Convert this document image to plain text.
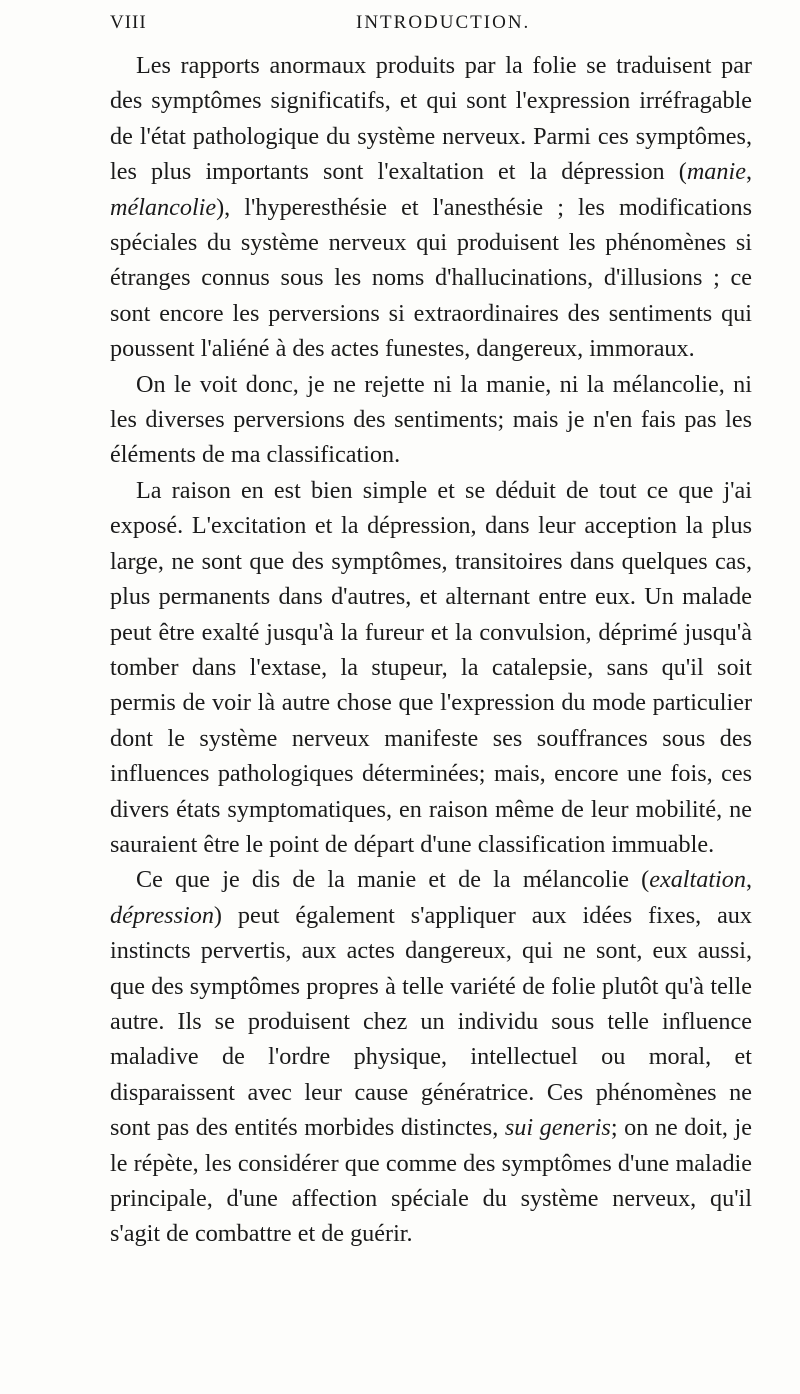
VIII	INTRODUCTION.

Les rapports anormaux produits par la folie se traduisent par des symptômes significatifs, et qui sont l'expression irréfragable de l'état pathologique du système nerveux. Parmi ces symptômes, les plus importants sont l'exaltation et la dépression (manie, mélancolie), l'hyperesthésie et l'anesthésie ; les modifications spéciales du système nerveux qui produisent les phénomènes si étranges connus sous les noms d'hallucinations, d'illusions ; ce sont encore les perversions si extraordinaires des sentiments qui poussent l'aliéné à des actes funestes, dangereux, immoraux.

On le voit donc, je ne rejette ni la manie, ni la mélancolie, ni les diverses perversions des sentiments; mais je n'en fais pas les éléments de ma classification.

La raison en est bien simple et se déduit de tout ce que j'ai exposé. L'excitation et la dépression, dans leur acception la plus large, ne sont que des symptômes, transitoires dans quelques cas, plus permanents dans d'autres, et alternant entre eux. Un malade peut être exalté jusqu'à la fureur et la convulsion, déprimé jusqu'à tomber dans l'extase, la stupeur, la catalepsie, sans qu'il soit permis de voir là autre chose que l'expression du mode particulier dont le système nerveux manifeste ses souffrances sous des influences pathologiques déterminées; mais, encore une fois, ces divers états symptomatiques, en raison même de leur mobilité, ne sauraient être le point de départ d'une classification immuable.

Ce que je dis de la manie et de la mélancolie (exaltation, dépression) peut également s'appliquer aux idées fixes, aux instincts pervertis, aux actes dangereux, qui ne sont, eux aussi, que des symptômes propres à telle variété de folie plutôt qu'à telle autre. Ils se produisent chez un individu sous telle influence maladive de l'ordre physique, intellectuel ou moral, et disparaissent avec leur cause génératrice. Ces phénomènes ne sont pas des entités morbides distinctes, sui generis; on ne doit, je le répète, les considérer que comme des symptômes d'une maladie principale, d'une affection spéciale du système nerveux, qu'il s'agit de combattre et de guérir.
